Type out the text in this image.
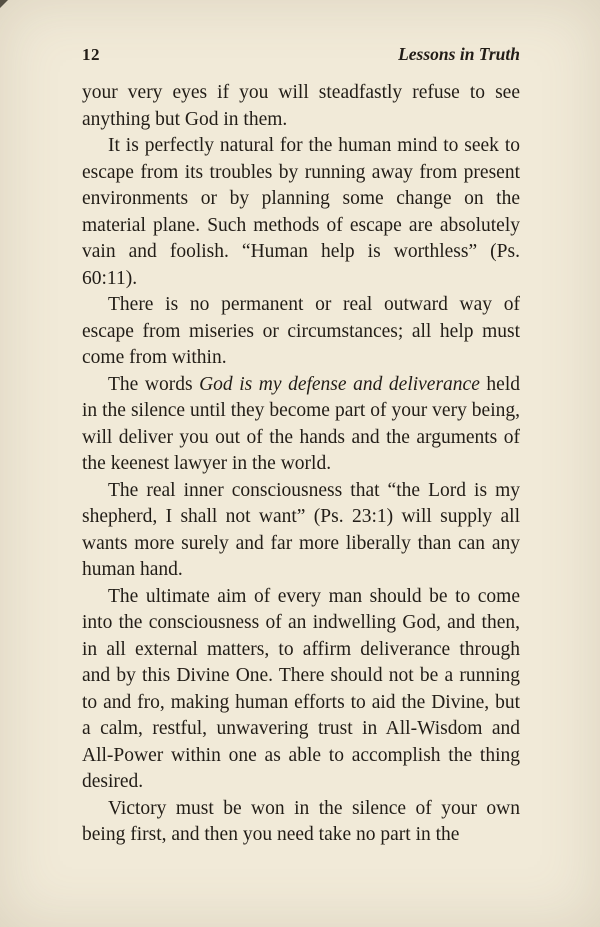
12	Lessons in Truth

your very eyes if you will steadfastly refuse to see anything but God in them.

It is perfectly natural for the human mind to seek to escape from its troubles by running away from present environments or by planning some change on the material plane. Such methods of escape are absolutely vain and foolish. “Human help is worthless” (Ps. 60:11).

There is no permanent or real outward way of escape from miseries or circumstances; all help must come from within.

The words God is my defense and deliverance held in the silence until they become part of your very being, will deliver you out of the hands and the arguments of the keenest lawyer in the world.

The real inner consciousness that “the Lord is my shepherd, I shall not want” (Ps. 23:1) will supply all wants more surely and far more liberally than can any human hand.

The ultimate aim of every man should be to come into the consciousness of an indwelling God, and then, in all external matters, to affirm deliverance through and by this Divine One. There should not be a running to and fro, making human efforts to aid the Divine, but a calm, restful, unwavering trust in All-Wisdom and All-Power within one as able to accomplish the thing desired.

Victory must be won in the silence of your own being first, and then you need take no part in the
